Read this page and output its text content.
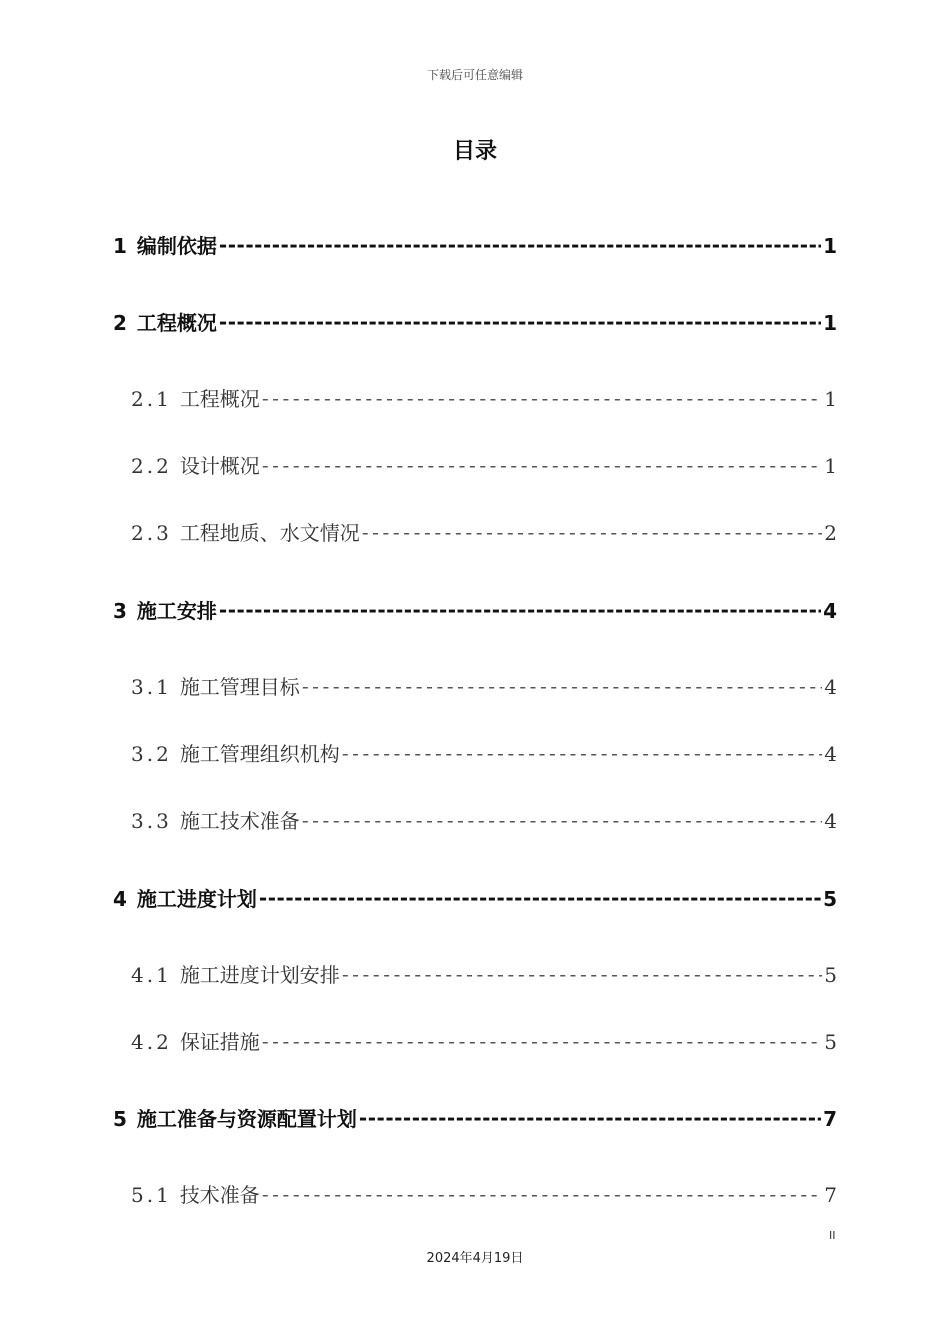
下载后可任意编辑
目录
1 编制依据 -----	1
2 工程概况 -----	1
2.1 工程概况 -----	1
2.2 设计概况 -----	1
2.3 工程地质、水文情况 -----	2
3 施工安排 -----	4
3.1 施工管理目标 -----	4
3.2 施工管理组织机构 -----	4
3.3 施工技术准备 -----	4
4 施工进度计划 -----	5
4.1 施工进度计划安排 -----	5
4.2 保证措施 -----	5
5 施工准备与资源配置计划 -----	7
5.1 技术准备 -----	7
II
2024年4月19日
